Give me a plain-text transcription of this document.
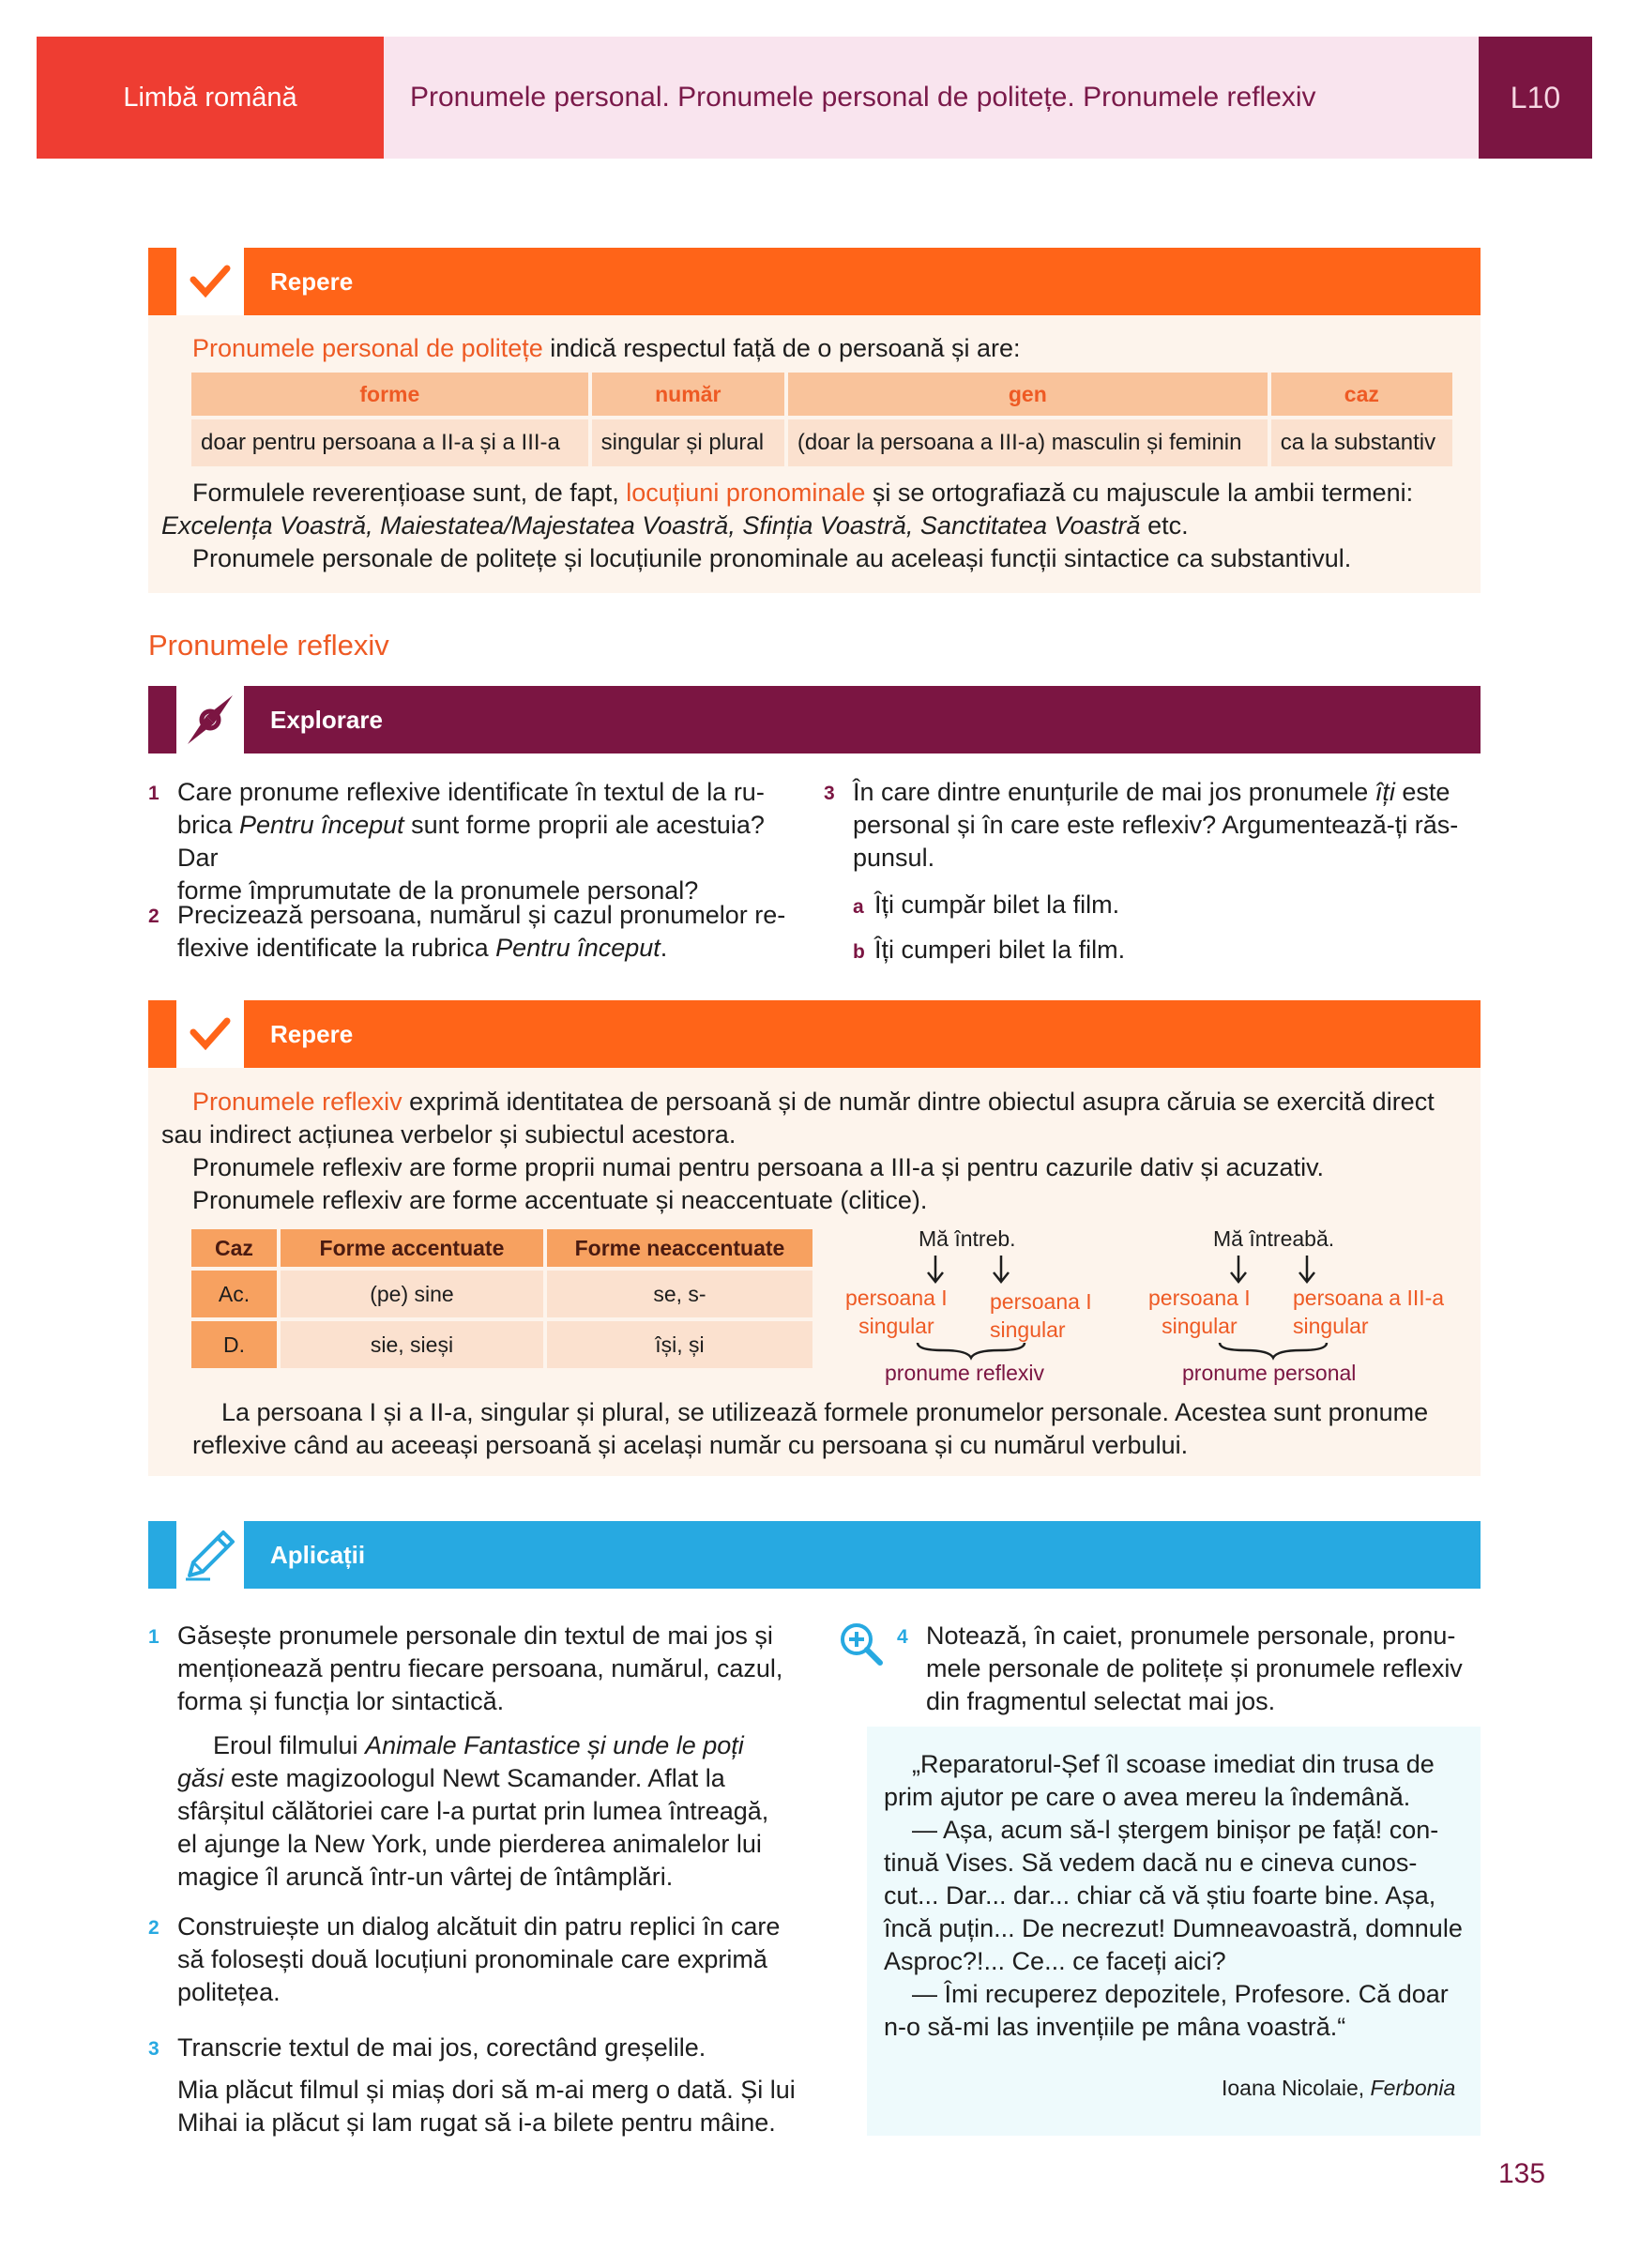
Limbă română	Pronumele personal. Pronumele personal de politețe. Pronumele reflexiv	L10
Repere
Pronumele personal de politețe indică respectul față de o persoană și are:
forme	număr	gen	caz
doar pentru persoana a II-a și a III-a	singular și plural	(doar la persoana a III-a) masculin și feminin	ca la substantiv
Formulele reverențioase sunt, de fapt, locuțiuni pronominale și se ortografiază cu majuscule la ambii termeni:
Excelența Voastră, Maiestatea/Majestatea Voastră, Sfinția Voastră, Sanctitatea Voastră etc.
Pronumele personale de politețe și locuțiunile pronominale au aceleași funcții sintactice ca substantivul.
Pronumele reflexiv
Explorare
1 Care pronume reflexive identificate în textul de la ru-
brica Pentru început sunt forme proprii ale acestuia? Dar
forme împrumutate de la pronumele personal?
2 Precizează persoana, numărul și cazul pronumelor re-
flexive identificate la rubrica Pentru început.
3 În care dintre enunțurile de mai jos pronumele îți este
personal și în care este reflexiv? Argumentează-ți răs-
punsul.
a Îți cumpăr bilet la film.
b Îți cumperi bilet la film.
Repere
Pronumele reflexiv exprimă identitatea de persoană și de număr dintre obiectul asupra căruia se exercită direct
sau indirect acțiunea verbelor și subiectul acestora.
Pronumele reflexiv are forme proprii numai pentru persoana a III-a și pentru cazurile dativ și acuzativ.
Pronumele reflexiv are forme accentuate și neaccentuate (clitice).
Caz	Forme accentuate	Forme neaccentuate
Ac.	(pe) sine	se, s-
D.	sie, sieși	își, și
Mă întreb.
persoana I
singular
persoana I
singular
pronume reflexiv
Mă întreabă.
persoana I
singular
persoana a III-a
singular
pronume personal
La persoana I și a II-a, singular și plural, se utilizează formele pronumelor personale. Acestea sunt pronume
reflexive când au aceeași persoană și același număr cu persoana și cu numărul verbului.
Aplicații
1 Găsește pronumele personale din textul de mai jos și
menționează pentru fiecare persoana, numărul, cazul,
forma și funcția lor sintactică.
Eroul filmului Animale Fantastice și unde le poți
găsi este magizoologul Newt Scamander. Aflat la
sfârșitul călătoriei care l-a purtat prin lumea întreagă,
el ajunge la New York, unde pierderea animalelor lui
magice îl aruncă într-un vârtej de întâmplări.
2 Construiește un dialog alcătuit din patru replici în care
să folosești două locuțiuni pronominale care exprimă
politețea.
3 Transcrie textul de mai jos, corectând greșelile.
Mia plăcut filmul și miaș dori să m-ai merg o dată. Și lui
Mihai ia plăcut și lam rugat să i-a bilete pentru mâine.
4 Notează, în caiet, pronumele personale, pronu-
mele personale de politețe și pronumele reflexiv
din fragmentul selectat mai jos.
„Reparatorul-Șef îl scoase imediat din trusa de
prim ajutor pe care o avea mereu la îndemână.
— Așa, acum să-l ștergem binișor pe față! con-
tinuă Vises. Să vedem dacă nu e cineva cunos-
cut... Dar... dar... chiar că vă știu foarte bine. Așa,
încă puțin... De necrezut! Dumneavoastră, domnule
Asproc?!... Ce... ce faceți aici?
— Îmi recuperez depozitele, Profesore. Că doar
n-o să-mi las invențiile pe mâna voastră.“
Ioana Nicolaie, Ferbonia
135
